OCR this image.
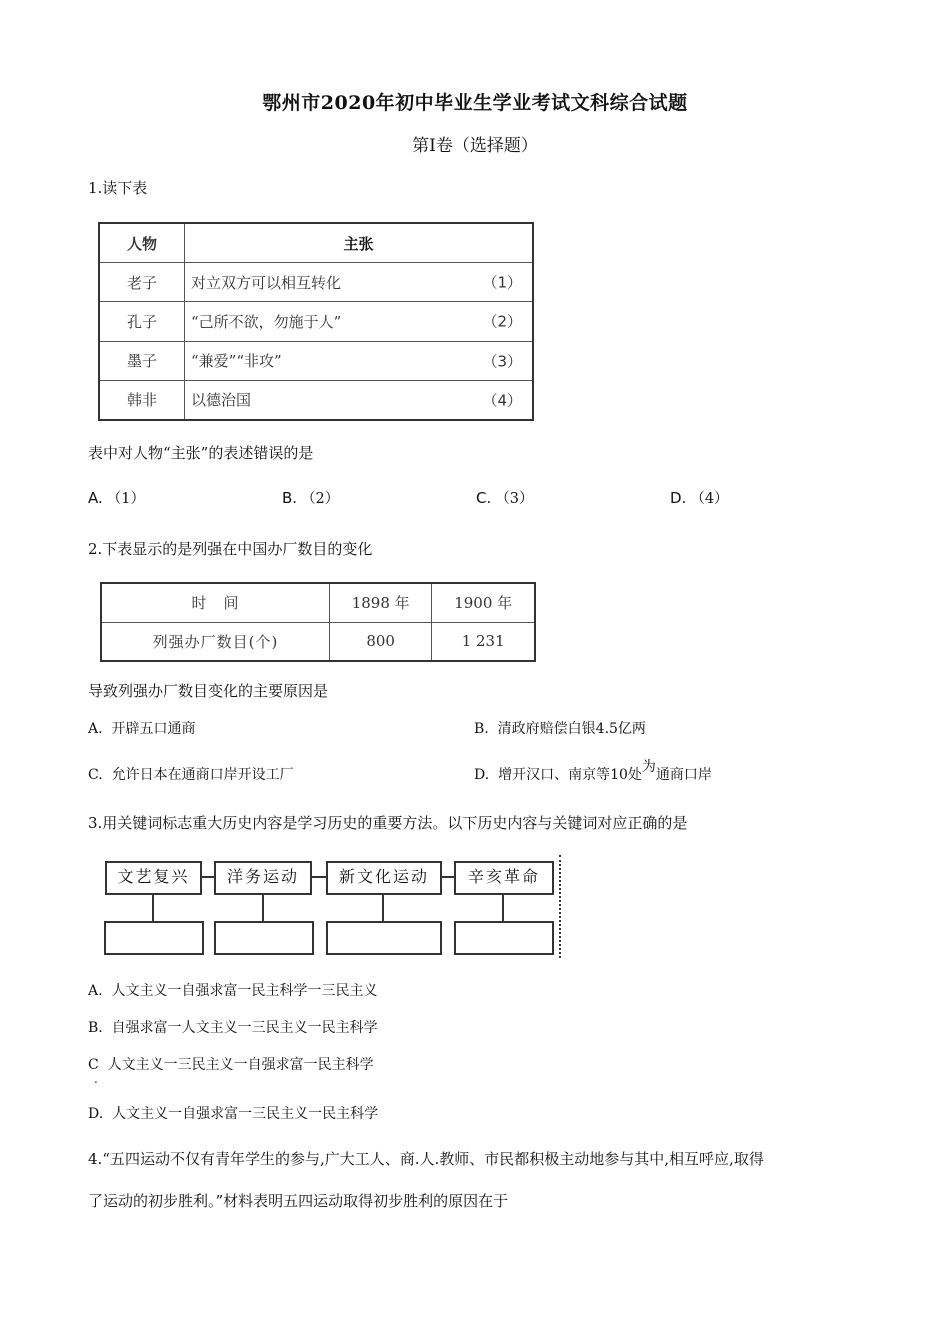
鄂州市2020年初中毕业生学业考试文科综合试题
第Ⅰ卷（选择题）
1.读下表
人物	主张
老子	对立双方可以相互转化 （1）

孔子	“己所不欲，勿施于人” （2）

墨子	“兼爱”“非攻” （3）

韩非	以德治国 （4）
表中对人物“主张”的表述错误的是
A. （1）	B. （2）	C. （3）	D. （4）
2.下表显示的是列强在中国办厂数目的变化
时　间	1898 年	1900 年
列强办厂数目(个)	800	1 231
导致列强办厂数目变化的主要原因是
A. 开辟五口通商	B. 清政府赔偿白银4.5亿两
C. 允许日本在通商口岸开设工厂	D. 增开汉口、南京等10处为通商口岸
3.用关键词标志重大历史内容是学习历史的重要方法。以下历史内容与关键词对应正确的是
文艺复兴	洋务运动	新文化运动	辛亥革命
A. 人文主义一自强求富一民主科学一三民主义
B. 自强求富一人文主义一三民主义一民主科学
C 人文主义一三民主义一自强求富一民主科学
.
D. 人文主义一自强求富一三民主义一民主科学
4.“五四运动不仅有青年学生的参与,广大工人、商.人.教师、市民都积极主动地参与其中,相互呼应,取得
了运动的初步胜利。”材料表明五四运动取得初步胜利的原因在于
